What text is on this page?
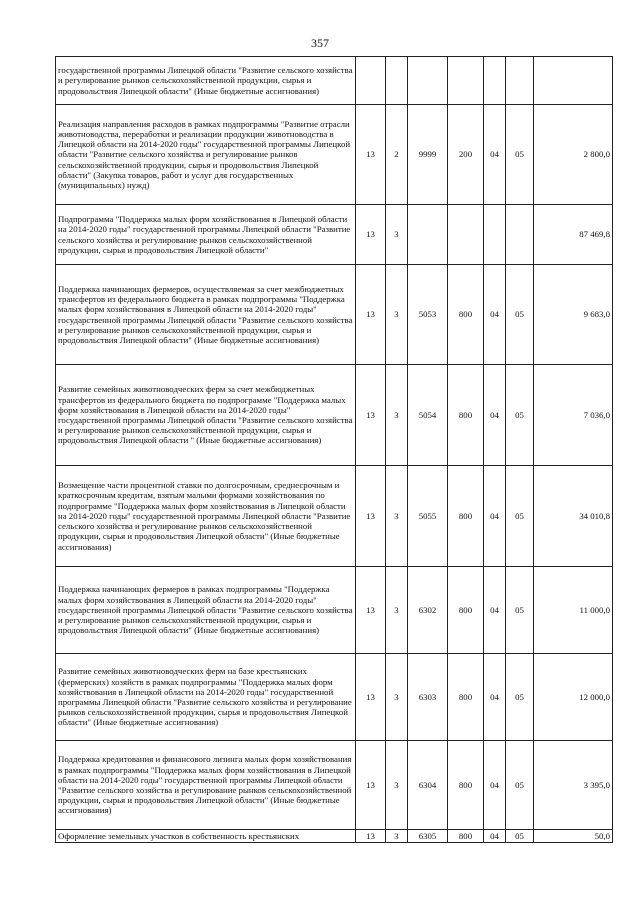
357
государственной программы Липецкой области "Развитие сельского хозяйства и регулирование рынков сельскохозяйственной продукции, сырья и продовольствия Липецкой области" (Иные бюджетные ассигнования)							
Реализация направления расходов в рамках подпрограммы "Развитие отрасли животноводства, переработки и реализации продукции животноводства в Липецкой области на 2014-2020 годы" государственной программы Липецкой области "Развитие сельского хозяйства и регулирование рынков сельскохозяйственной продукции, сырья и продовольствия Липецкой области" (Закупка товаров, работ и услуг для государственных (муниципальных) нужд)	13	2	9999	200	04	05	2 800,0
Подпрограмма "Поддержка малых форм хозяйствования в Липецкой области на 2014-2020 годы" государственной программы Липецкой области "Развитие сельского хозяйства и регулирование рынков сельскохозяйственной продукции, сырья и продовольствия Липецкой области"	13	3					87 469,8
Поддержка начинающих фермеров, осуществляемая за счет межбюджетных трансфертов из федерального бюджета в рамках подпрограммы "Поддержка малых форм хозяйствования в Липецкой области на 2014-2020 годы" государственной программы Липецкой области "Развитие сельского хозяйства и регулирование рынков сельскохозяйственной продукции, сырья и продовольствия Липецкой области" (Иные бюджетные ассигнования)	13	3	5053	800	04	05	9 683,0
Развитие семейных животноводческих ферм за счет межбюджетных трансфертов из федерального бюджета по подпрограмме "Поддержка малых форм хозяйствования в Липецкой области на 2014-2020 годы" государственной программы Липецкой области "Развитие сельского хозяйства и регулирование рынков сельскохозяйственной продукции, сырья и продовольствия Липецкой области " (Иные бюджетные ассигнования)	13	3	5054	800	04	05	7 036,0
Возмещение части процентной ставки по долгосрочным, среднесрочным и краткосрочным кредитам, взятым малыми формами хозяйствования по подпрограмме "Поддержка малых форм хозяйствования в Липецкой области на 2014-2020 годы" государственной программы Липецкой области "Развитие сельского хозяйства и регулирование рынков сельскохозяйственной продукции, сырья и продовольствия Липецкой области" (Иные бюджетные ассигнования)	13	3	5055	800	04	05	34 010,8
Поддержка начинающих фермеров в рамках подпрограммы "Поддержка малых форм хозяйствования в Липецкой области на 2014-2020 годы" государственной программы Липецкой области "Развитие сельского хозяйства и регулирование рынков сельскохозяйственной продукции, сырья и продовольствия Липецкой области" (Иные бюджетные ассигнования)	13	3	6302	800	04	05	11 000,0
Развитие семейных животноводческих ферм на базе крестьянских (фермерских) хозяйств в рамках подпрограммы "Поддержка малых форм хозяйствования в Липецкой области на 2014-2020 годы" государственной программы Липецкой области "Развитие сельского хозяйства и регулирование рынков сельскохозяйственной продукции, сырья и продовольствия Липецкой области" (Иные бюджетные ассигнования)	13	3	6303	800	04	05	12 000,0
Поддержка кредитования и финансового лизинга малых форм хозяйствования в рамках подпрограммы "Поддержка малых форм хозяйствования в Липецкой области на 2014-2020 годы" государственной программы Липецкой области "Развитие сельского хозяйства и регулирование рынков сельскохозяйственной продукции, сырья и продовольствия Липецкой области" (Иные бюджетные ассигнования)	13	3	6304	800	04	05	3 395,0
Оформление земельных участков в собственность крестьянских	13	3	6305	800	04	05	50,0
